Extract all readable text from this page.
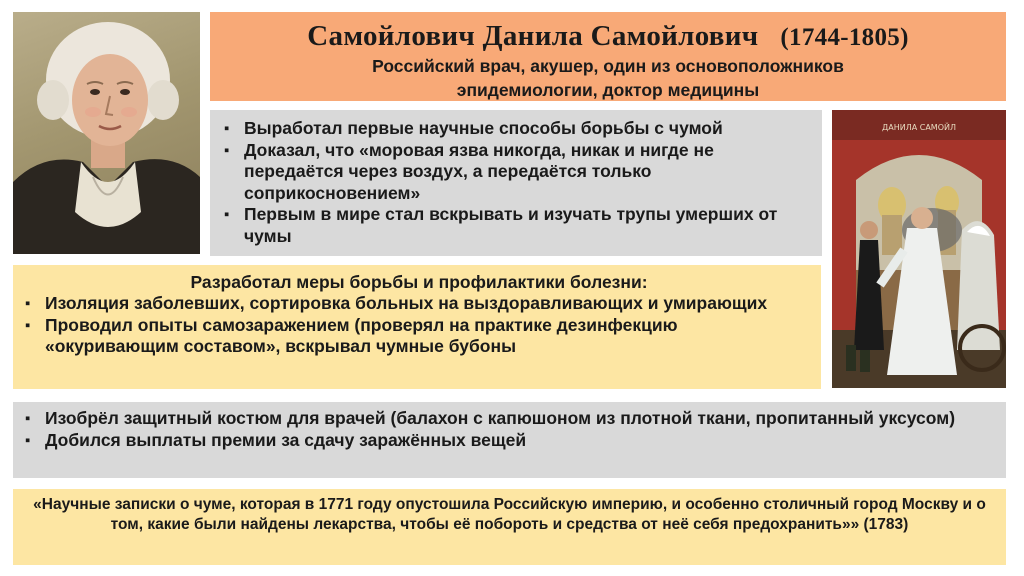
Самойлович Данила Самойлович (1744-1805)
Российский врач, акушер, один из основоположников
эпидемиологии, доктор медицины
▪ Выработал первые научные способы борьбы с чумой
▪ Доказал, что «моровая язва никогда, никак и нигде не передаётся через воздух, а передаётся только соприкосновением»
▪ Первым в мире стал вскрывать и изучать трупы умерших от чумы
ДАНИЛА САМОЙЛ
Разработал меры борьбы и профилактики болезни:
▪ Изоляция заболевших, сортировка больных на выздоравливающих и умирающих
▪ Проводил опыты самозаражением (проверял на практике дезинфекцию «окуривающим составом», вскрывал чумные бубоны
▪ Изобрёл защитный костюм для врачей (балахон с капюшоном из плотной ткани, пропитанный уксусом)
▪ Добился выплаты премии за сдачу заражённых вещей
«Научные записки о чуме, которая в 1771 году опустошила Российскую империю, и особенно столичный город Москву и о том, какие были найдены лекарства, чтобы её побороть и средства от неё себя предохранить»» (1783)
